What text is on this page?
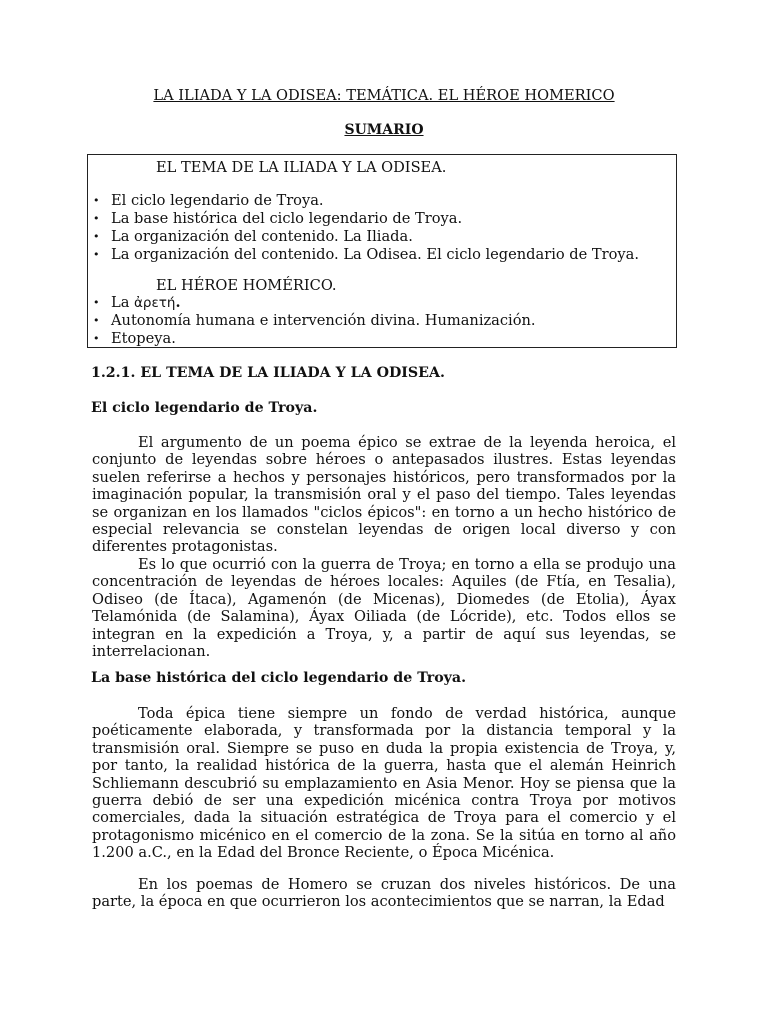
LA ILIADA Y LA ODISEA: TEMÁTICA. EL HÉROE HOMERICO
SUMARIO
EL TEMA DE LA ILIADA Y LA ODISEA.
• El ciclo legendario de Troya.
• La base histórica del ciclo legendario de Troya.
• La organización del contenido. La Iliada.
• La organización del contenido. La Odisea. El ciclo legendario de Troya.
EL HÉROE HOMÉRICO.
• La ἀρετή.
• Autonomía humana e intervención divina. Humanización.
• Etopeya.
1.2.1. EL TEMA DE LA ILIADA Y LA ODISEA.
El ciclo legendario de Troya.

El argumento de un poema épico se extrae de la leyenda heroica, el conjunto de leyendas sobre héroes o antepasados ilustres. Estas leyendas suelen referirse a hechos y personajes históricos, pero transformados por la imaginación popular, la transmisión oral y el paso del tiempo. Tales leyendas se organizan en los llamados "ciclos épicos": en torno a un hecho histórico de especial relevancia se constelan leyendas de origen local diverso y con diferentes protagonistas.

Es lo que ocurrió con la guerra de Troya; en torno a ella se produjo una concentración de leyendas de héroes locales: Aquiles (de Ftía, en Tesalia), Odiseo (de Ítaca), Agamenón (de Micenas), Diomedes (de Etolia), Áyax Telamónida (de Salamina), Áyax Oiliada (de Lócride), etc. Todos ellos se integran en la expedición a Troya, y, a partir de aquí sus leyendas, se interrelacionan.

La base histórica del ciclo legendario de Troya.

Toda épica tiene siempre un fondo de verdad histórica, aunque poéticamente elaborada, y transformada por la distancia temporal y la transmisión oral. Siempre se puso en duda la propia existencia de Troya, y, por tanto, la realidad histórica de la guerra, hasta que el alemán Heinrich Schliemann descubrió su emplazamiento en Asia Menor. Hoy se piensa que la guerra debió de ser una expedición micénica contra Troya por motivos comerciales, dada la situación estratégica de Troya para el comercio y el protagonismo micénico en el comercio de la zona. Se la sitúa en torno al año 1.200 a.C., en la Edad del Bronce Reciente, o Época Micénica.

En los poemas de Homero se cruzan dos niveles históricos. De una parte, la época en que ocurrieron los acontecimientos que se narran, la Edad
